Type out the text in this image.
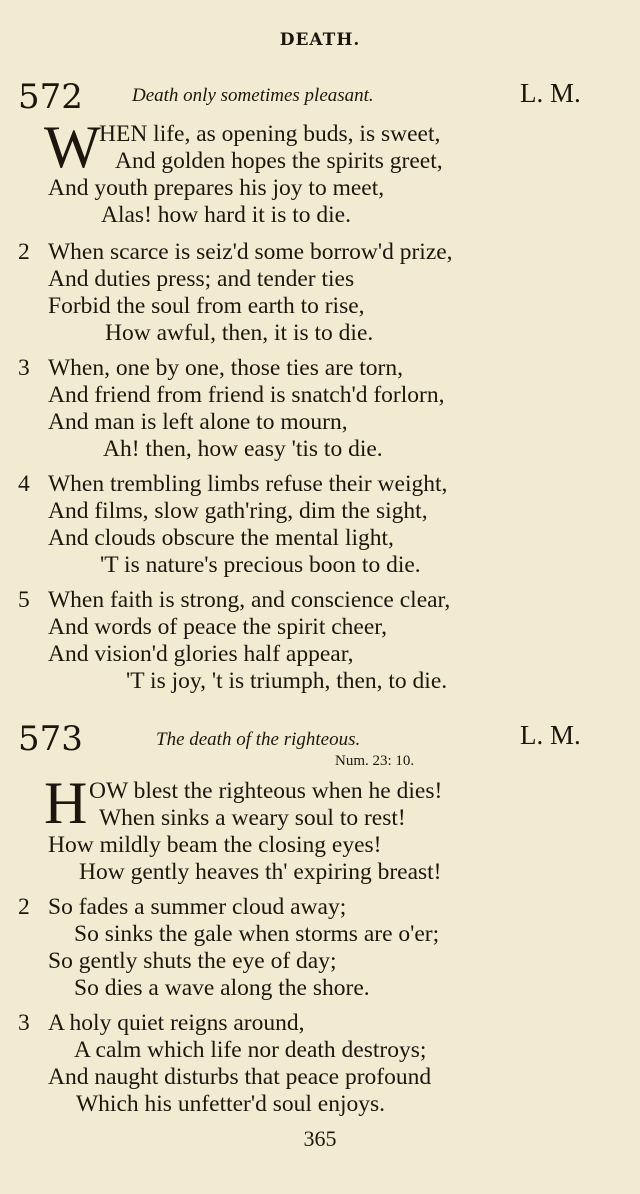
DEATH.
572	Death only sometimes pleasant.	L. M.
W
HEN life, as opening buds, is sweet,
And golden hopes the spirits greet,
And youth prepares his joy to meet,
Alas! how hard it is to die.
2 When scarce is seiz'd some borrow'd prize,
And duties press; and tender ties
Forbid the soul from earth to rise,
How awful, then, it is to die.
3 When, one by one, those ties are torn,
And friend from friend is snatch'd forlorn,
And man is left alone to mourn,
Ah! then, how easy 'tis to die.
4 When trembling limbs refuse their weight,
And films, slow gath'ring, dim the sight,
And clouds obscure the mental light,
'T is nature's precious boon to die.
5 When faith is strong, and conscience clear,
And words of peace the spirit cheer,
And vision'd glories half appear,
'T is joy, 't is triumph, then, to die.
573	The death of the righteous.	L. M.
Num. 23: 10.
H OW blest the righteous when he dies!
When sinks a weary soul to rest!
How mildly beam the closing eyes!
How gently heaves th' expiring breast!
2 So fades a summer cloud away;
So sinks the gale when storms are o'er;
So gently shuts the eye of day;
So dies a wave along the shore.
3 A holy quiet reigns around,
A calm which life nor death destroys;
And naught disturbs that peace profound
Which his unfetter'd soul enjoys.
365
